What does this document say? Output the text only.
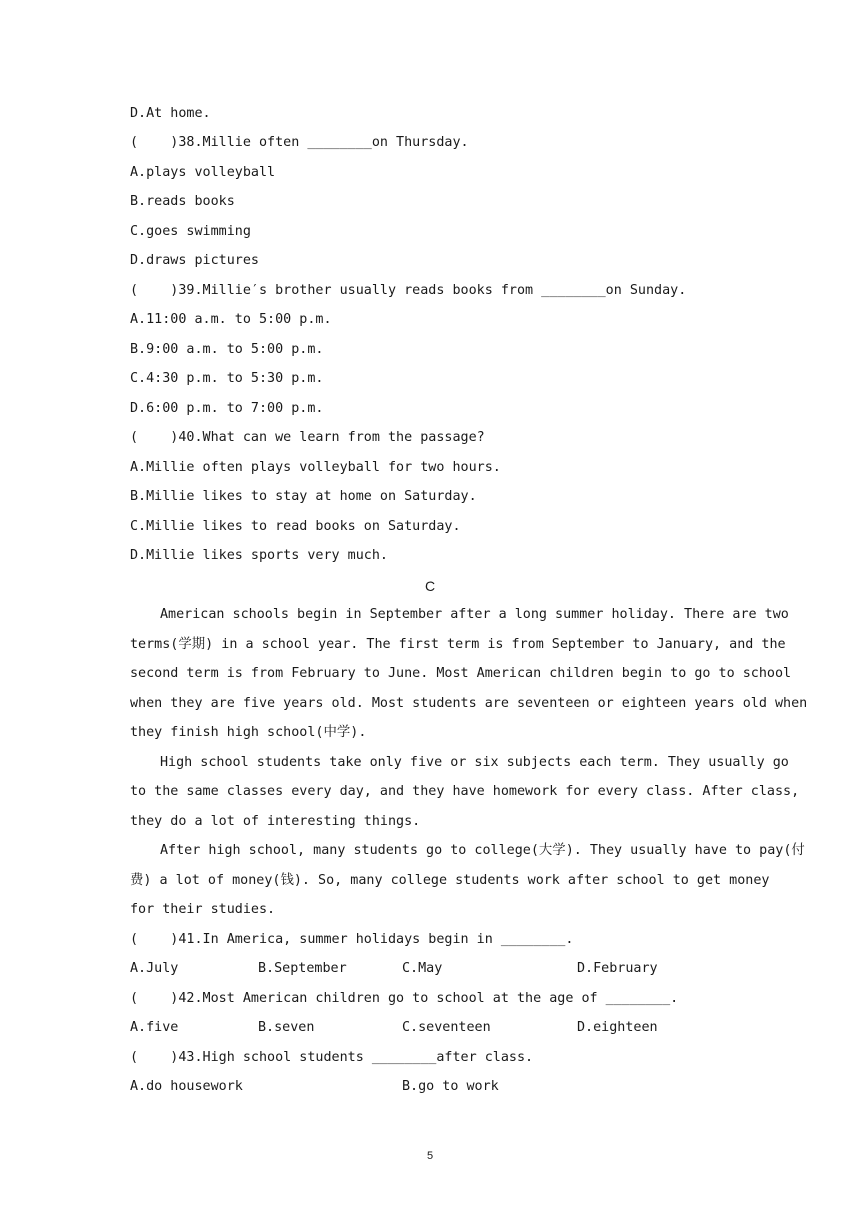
D.At home.
(    )38.Millie often ________on Thursday.
A.plays volleyball
B.reads books
C.goes swimming
D.draws pictures
(    )39.Millie′s brother usually reads books from ________on Sunday.
A.11:00 a.m. to 5:00 p.m.
B.9:00 a.m. to 5:00 p.m.
C.4:30 p.m. to 5:30 p.m.
D.6:00 p.m. to 7:00 p.m.
(    )40.What can we learn from the passage?
A.Millie often plays volleyball for two hours.
B.Millie likes to stay at home on Saturday.
C.Millie likes to read books on Saturday.
D.Millie likes sports very much.
C
American schools begin in September after a long summer holiday. There are two
terms(学期) in a school year. The first term is from September to January, and the
second term is from February to June. Most American children begin to go to school
when they are five years old. Most students are seventeen or eighteen years old when
they finish high school(中学).
High school students take only five or six subjects each term. They usually go
to the same classes every day, and they have homework for every class. After class,
they do a lot of interesting things.
After high school, many students go to college(大学). They usually have to pay(付
费) a lot of money(钱). So, many college students work after school to get money
for their studies.
(    )41.In America, summer holidays begin in ________.
A.July	B.September	C.May	D.February
(    )42.Most American children go to school at the age of ________.
A.five	B.seven	C.seventeen	D.eighteen
(    )43.High school students ________after class.
A.do housework	B.go to work
5
